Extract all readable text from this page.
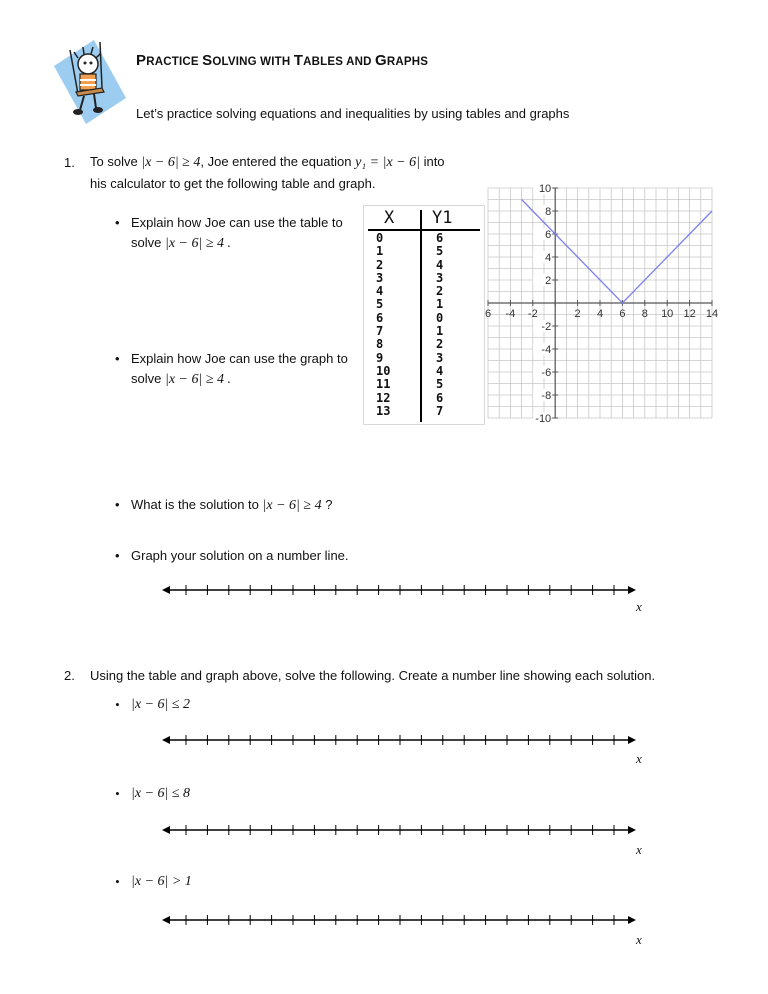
PRACTICE SOLVING WITH TABLES AND GRAPHS
Let’s practice solving equations and inequalities by using tables and graphs
1. To solve |x − 6| ≥ 4, Joe entered the equation y₁ = |x − 6| into
his calculator to get the following table and graph.
• Explain how Joe can use the table to
solve |x − 6| ≥ 4 .
• Explain how Joe can use the graph to
solve |x − 6| ≥ 4 .
• What is the solution to |x − 6| ≥ 4 ?
• Graph your solution on a number line.
X Y1
0
1
2
3
4
5
6
7
8
9
10
11
12
13
6
5
4
3
2
1
0
1
2
3
4
5
6
7
6 -4 -2	2 4 6 8 10 12 14
10
8
6
4
2
-2
-4
-6
-8
-10
x
2. Using the table and graph above, solve the following. Create a number line showing each solution.
• |x − 6| ≤ 2
x
• |x − 6| ≤ 8
x
• |x − 6| > 1
x
